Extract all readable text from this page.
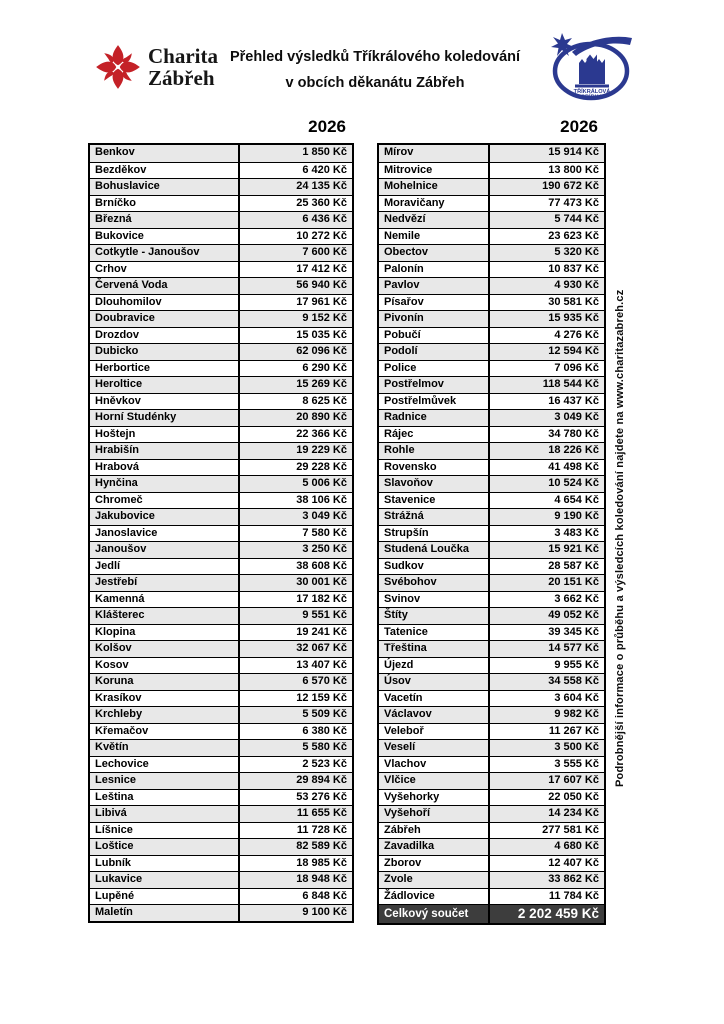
Charita
Zábřeh
Přehled výsledků Tříkrálového koledování
v obcích děkanátu Zábřeh
TŘÍKRÁLOVÁ
SBÍRKA
2026	2026
Benkov	1 850 Kč
Bezděkov	6 420 Kč
Bohuslavice	24 135 Kč
Brníčko	25 360 Kč
Březná	6 436 Kč
Bukovice	10 272 Kč
Cotkytle - Janoušov	7 600 Kč
Crhov	17 412 Kč
Červená Voda	56 940 Kč
Dlouhomilov	17 961 Kč
Doubravice	9 152 Kč
Drozdov	15 035 Kč
Dubicko	62 096 Kč
Herbortice	6 290 Kč
Heroltice	15 269 Kč
Hněvkov	8 625 Kč
Horní Studénky	20 890 Kč
Hoštejn	22 366 Kč
Hrabišín	19 229 Kč
Hrabová	29 228 Kč
Hynčina	5 006 Kč
Chromeč	38 106 Kč
Jakubovice	3 049 Kč
Janoslavice	7 580 Kč
Janoušov	3 250 Kč
Jedlí	38 608 Kč
Jestřebí	30 001 Kč
Kamenná	17 182 Kč
Klášterec	9 551 Kč
Klopina	19 241 Kč
Kolšov	32 067 Kč
Kosov	13 407 Kč
Koruna	6 570 Kč
Krasíkov	12 159 Kč
Krchleby	5 509 Kč
Křemačov	6 380 Kč
Květín	5 580 Kč
Lechovice	2 523 Kč
Lesnice	29 894 Kč
Leština	53 276 Kč
Libivá	11 655 Kč
Líšnice	11 728 Kč
Loštice	82 589 Kč
Lubník	18 985 Kč
Lukavice	18 948 Kč
Lupěné	6 848 Kč
Maletín	9 100 Kč
Mírov	15 914 Kč
Mitrovice	13 800 Kč
Mohelnice	190 672 Kč
Moravičany	77 473 Kč
Nedvězí	5 744 Kč
Nemile	23 623 Kč
Obectov	5 320 Kč
Palonín	10 837 Kč
Pavlov	4 930 Kč
Písařov	30 581 Kč
Pivonín	15 935 Kč
Pobučí	4 276 Kč
Podolí	12 594 Kč
Police	7 096 Kč
Postřelmov	118 544 Kč
Postřelmůvek	16 437 Kč
Radnice	3 049 Kč
Rájec	34 780 Kč
Rohle	18 226 Kč
Rovensko	41 498 Kč
Slavoňov	10 524 Kč
Stavenice	4 654 Kč
Strážná	9 190 Kč
Strupšín	3 483 Kč
Studená Loučka	15 921 Kč
Sudkov	28 587 Kč
Svébohov	20 151 Kč
Svinov	3 662 Kč
Štíty	49 052 Kč
Tatenice	39 345 Kč
Třeština	14 577 Kč
Újezd	9 955 Kč
Úsov	34 558 Kč
Vacetín	3 604 Kč
Václavov	9 982 Kč
Veleboř	11 267 Kč
Veselí	3 500 Kč
Vlachov	3 555 Kč
Vlčice	17 607 Kč
Vyšehorky	22 050 Kč
Vyšehoří	14 234 Kč
Zábřeh	277 581 Kč
Zavadilka	4 680 Kč
Zborov	12 407 Kč
Zvole	33 862 Kč
Žádlovice	11 784 Kč
Celkový součet	2 202 459 Kč
Podrobnější informace o průběhu a výsledcích koledování najdete na www.charitazabreh.cz
